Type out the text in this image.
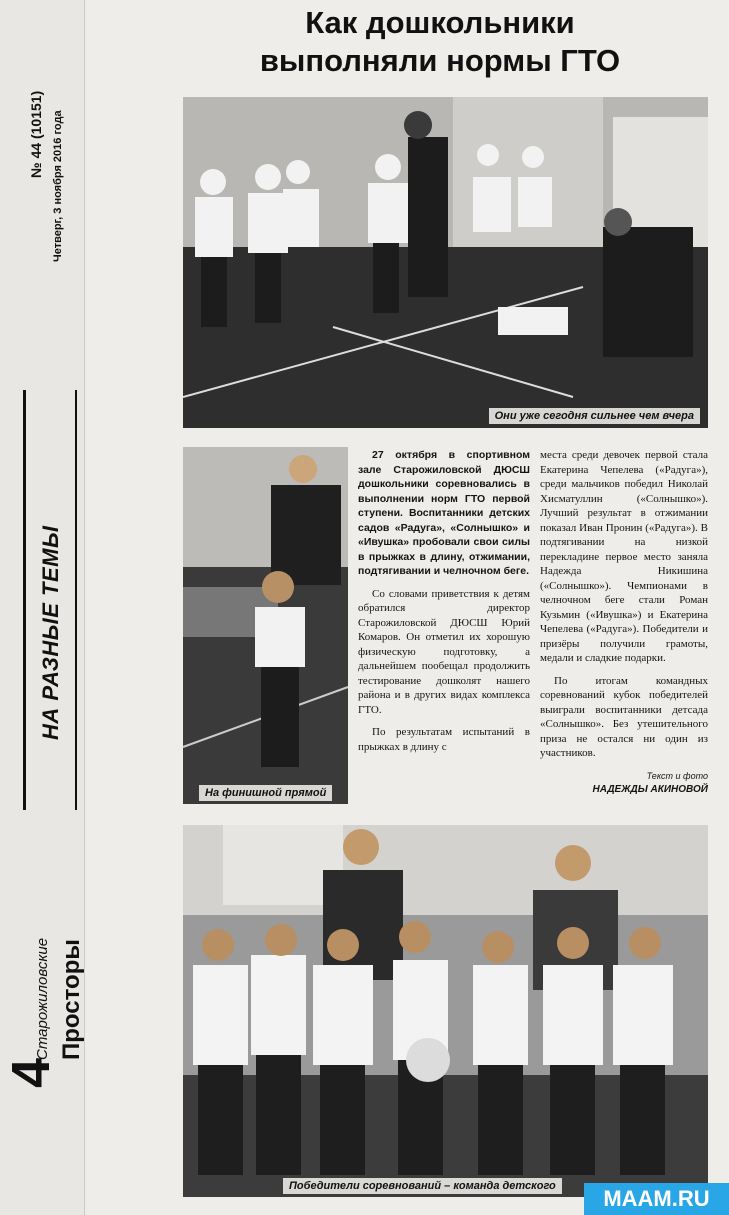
№ 44 (10151) Четверг, 3 ноября 2016 года
НА РАЗНЫЕ ТЕМЫ
4
Старожиловские Просторы
Как дошкольники
выполняли нормы ГТО
Они уже сегодня сильнее чем вчера
На финишной прямой

27 октября в спортивном зале Старожиловской ДЮСШ дошкольники соревновались в выполнении норм ГТО первой ступени. Воспитанники детских садов «Радуга», «Солнышко» и «Ивушка» пробовали свои силы в прыжках в длину, отжимании, подтягивании и челночном беге.

Со словами приветствия к детям обратился директор Старожиловской ДЮСШ Юрий Комаров. Он отметил их хорошую физическую подготовку, а дальнейшем пообещал продолжить тестирование дошколят нашего района и в других видах комплекса ГТО.

По результатам испытаний в прыжках в длину с

места среди девочек первой стала Екатерина Чепелева («Радуга»), среди мальчиков победил Николай Хисматуллин («Солнышко»). Лучший результат в отжимании показал Иван Пронин («Радуга»). В подтягивании на низкой перекладине первое место заняла Надежда Никишина («Солнышко»). Чемпионами в челночном беге стали Роман Кузьмин («Ивушка») и Екатерина Чепелева («Радуга»). Победители и призёры получили грамоты, медали и сладкие подарки.

По итогам командных соревнований кубок победителей выиграли воспитанники детсада «Солнышко». Без утешительного приза не остался ни один из участников.

Текст и фото
НАДЕЖДЫ АКИНОВОЙ
Победители соревнований – команда детского	MAAM.RU
